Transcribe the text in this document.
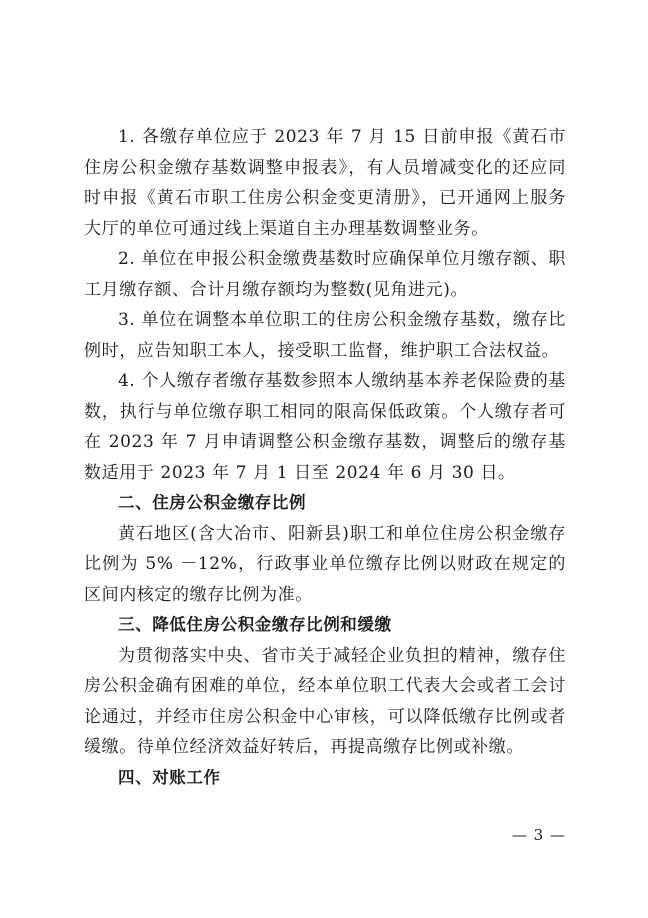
1. 各缴存单位应于 2023 年 7 月 15 日前申报《黄石市住房公积金缴存基数调整申报表》，有人员增减变化的还应同时申报《黄石市职工住房公积金变更清册》，已开通网上服务大厅的单位可通过线上渠道自主办理基数调整业务。

2. 单位在申报公积金缴费基数时应确保单位月缴存额、职工月缴存额、合计月缴存额均为整数(见角进元)。

3. 单位在调整本单位职工的住房公积金缴存基数，缴存比例时，应告知职工本人，接受职工监督，维护职工合法权益。

4. 个人缴存者缴存基数参照本人缴纳基本养老保险费的基数，执行与单位缴存职工相同的限高保低政策。个人缴存者可在 2023 年 7 月申请调整公积金缴存基数，调整后的缴存基数适用于 2023 年 7 月 1 日至 2024 年 6 月 30 日。

二、住房公积金缴存比例

黄石地区(含大冶市、阳新县)职工和单位住房公积金缴存比例为 5% －12%，行政事业单位缴存比例以财政在规定的区间内核定的缴存比例为准。

三、降低住房公积金缴存比例和缓缴

为贯彻落实中央、省市关于减轻企业负担的精神，缴存住房公积金确有困难的单位，经本单位职工代表大会或者工会讨论通过，并经市住房公积金中心审核，可以降低缴存比例或者缓缴。待单位经济效益好转后，再提高缴存比例或补缴。

四、对账工作

— 3 —
